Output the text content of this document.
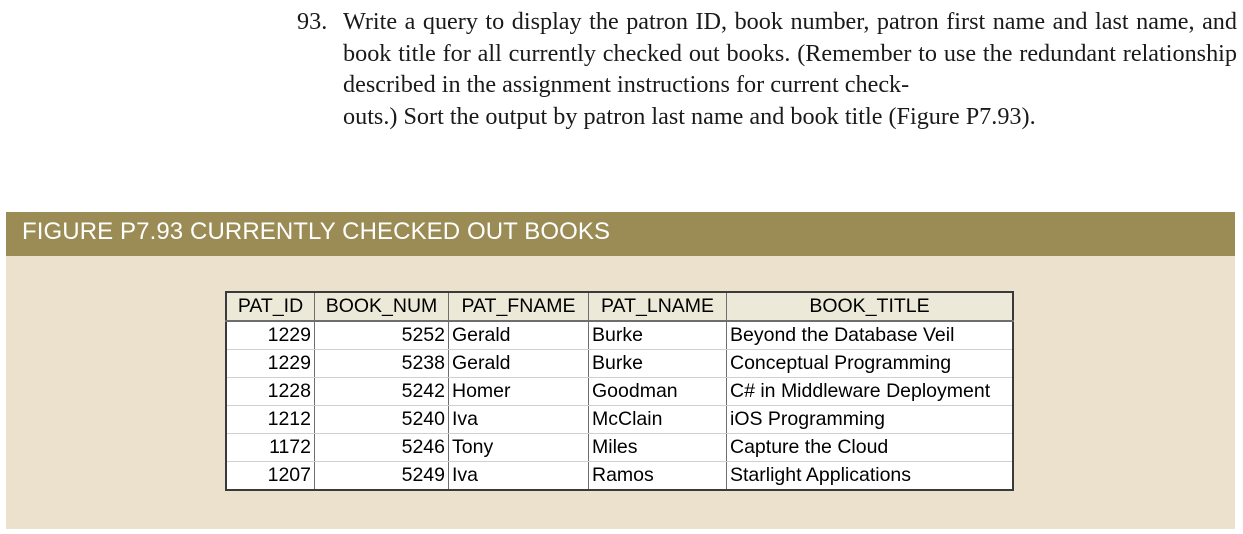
93. Write a query to display the patron ID, book number, patron first name and last name, and book title for all currently checked out books. (Remember to use the redundant relationship described in the assignment instructions for current check-
outs.) Sort the output by patron last name and book title (Figure P7.93).
FIGURE P7.93 CURRENTLY CHECKED OUT BOOKS
PAT_ID	BOOK_NUM	PAT_FNAME	PAT_LNAME	BOOK_TITLE
1229	5252	Gerald	Burke	Beyond the Database Veil
1229	5238	Gerald	Burke	Conceptual Programming
1228	5242	Homer	Goodman	C# in Middleware Deployment
1212	5240	Iva	McClain	iOS Programming
1172	5246	Tony	Miles	Capture the Cloud
1207	5249	Iva	Ramos	Starlight Applications
